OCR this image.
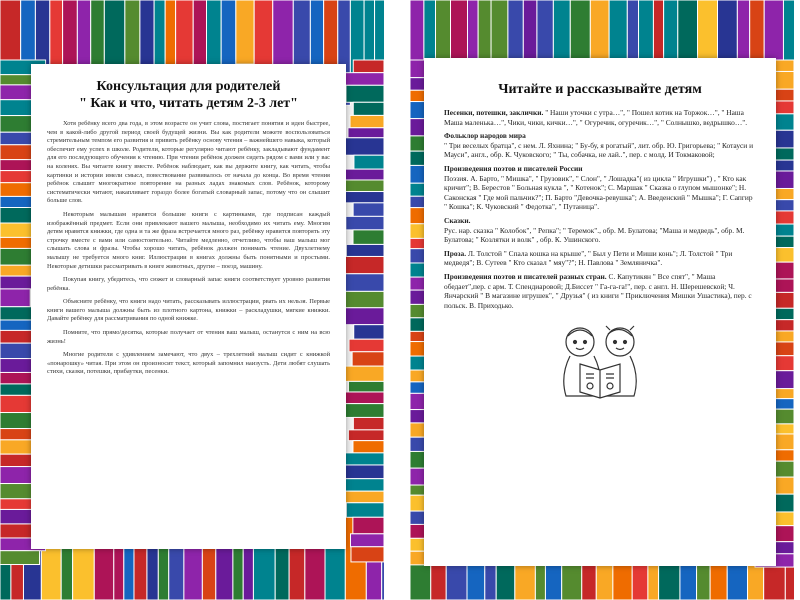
Консультация для родителей
" Как и что, читать детям 2-3 лет"

Хотя ребёнку всего два года, в этом возрасте он учит слова, постигает понятия и идеи быстрее, чем в какой-либо другой период своей будущей жизни. Вы как родители можете воспользоваться стремительным темпом его развития и привить ребёнку основу чтения – важнейшего навыка, который обеспечит ему успех в школе. Родители, которые регулярно читают ребёнку, закладывают фундамент для его последующего обучения к чтению. При чтении ребёнок должен сидеть рядом с вами или у вас на коленях. Вы читаете книгу вместе. Ребёнок наблюдает, как вы держите книгу, как читать, чтобы картинки и истории имели смысл, повествование развивалось от начала до конца. Во время чтения ребёнок слышит многократное повторение на разных ладах знакомых слов. Ребёнок, которому систематически читают, накапливает гораздо более богатый словарный запас, потому что он слышит больше слов.

Некоторым малышам нравятся большие книги с картинками, где подписан каждый изображённый предмет. Если они привлекают вашего малыша, необходимо их читать ему. Многим детям нравятся книжки, где одна и та же фраза встречается много раз, ребёнку нравится повторять эту строчку вместе с вами или самостоятельно. Читайте медленно, отчетливо, чтобы ваш малыш мог слышать слова и фразы. Чтобы хорошо читать, ребёнок должен понимать чтение. Двухлетнему малышу не требуется много книг. Иллюстрации в книгах должны быть понятными и простыми. Некоторые детишки рассматривать в книге животных, другие – поезд, машину.

Покупая книгу, убедитесь, что сюжет и словарный запас книги соответствует уровню развития ребёнка.

Объясните ребёнку, что книги надо читать, рассказывать иллюстрации, рвать их нельзя. Первые книги вашего малыша должны быть из плотного картона, книжки – раскладушки, мягкие книжки. Давайте ребёнку для рассматривания по одной книжке.

Помните, что прямо/десятка, которые получает от чтения ваш малыш, останутся с ним на всю жизнь!

Многие родители с удивлением замечают, что двух – трехлетний малыш сидит с книжкой «понарошку» читая. При этом он произносит текст, который запомнил наизусть. Дети любят слушать стихи, сказки, потешки, прибаутки, песенки.

Читайте и рассказывайте детям
Песенки, потешки, заклички. " Наши уточки с утра…", " Пошел котик на Торжок…", " Наша Маша маленька…", Чики, чики, кички…", " Огуречик, огуречик…", " Солнышко, ведрышко…".
Фольклор народов мира
" Три веселых братца", с нем. Л. Яхнина; " Бу-бу, я рогатый", лит. обр. Ю. Григорьева; " Котауси и Мауси", англ., обр. К. Чуковского; " Ты, собачка, не лай..", пер. с молд. И Токмаковой;
Произведения поэтов и писателей России
Поэзия. А. Барто, " Мишка", " Грузовик", " Слон", " Лошадка"( из цикла " Игрушки") , " Кто как кричит"; В. Берестов " Больная кукла ", " Котенок"; С. Маршак " Сказка о глупом мышонке"; Н. Саконская " Где мой пальчик?"; П. Барто "Девочка-ревушка"; А. Введенский " Мышка"; Г. Сапгир " Кошка"; К. Чуковский " Федотка", " Путаница".
Сказки.
Рус. нар. сказка " Колобок", " Репка"; " Теремок"., обр. М. Булатова; "Маша и медведь", обр. М. Булатова; " Козлятки и волк" , обр. К. Ушинского.
Проза. Л. Толстой " Спала кошка на крыше", " Был у Пети и Миши конь"; Л. Толстой " Три медведя"; В. Сутеев " Кто сказал " мяу"?"; Н. Павлова " Земляничка".
Произведения поэтов и писателей разных стран. С. Капутикян " Все спят", " Маша обедает",пер. с арм. Т. Спендиаровой; Д.Биссет " Га-га-га!", пер. с англ. Н. Шерешевской; Ч. Янчарский " В магазине игрушек", " Друзья" ( из книги " Приключения Мишки Ушастика), пер. с польск. В. Приходько.
